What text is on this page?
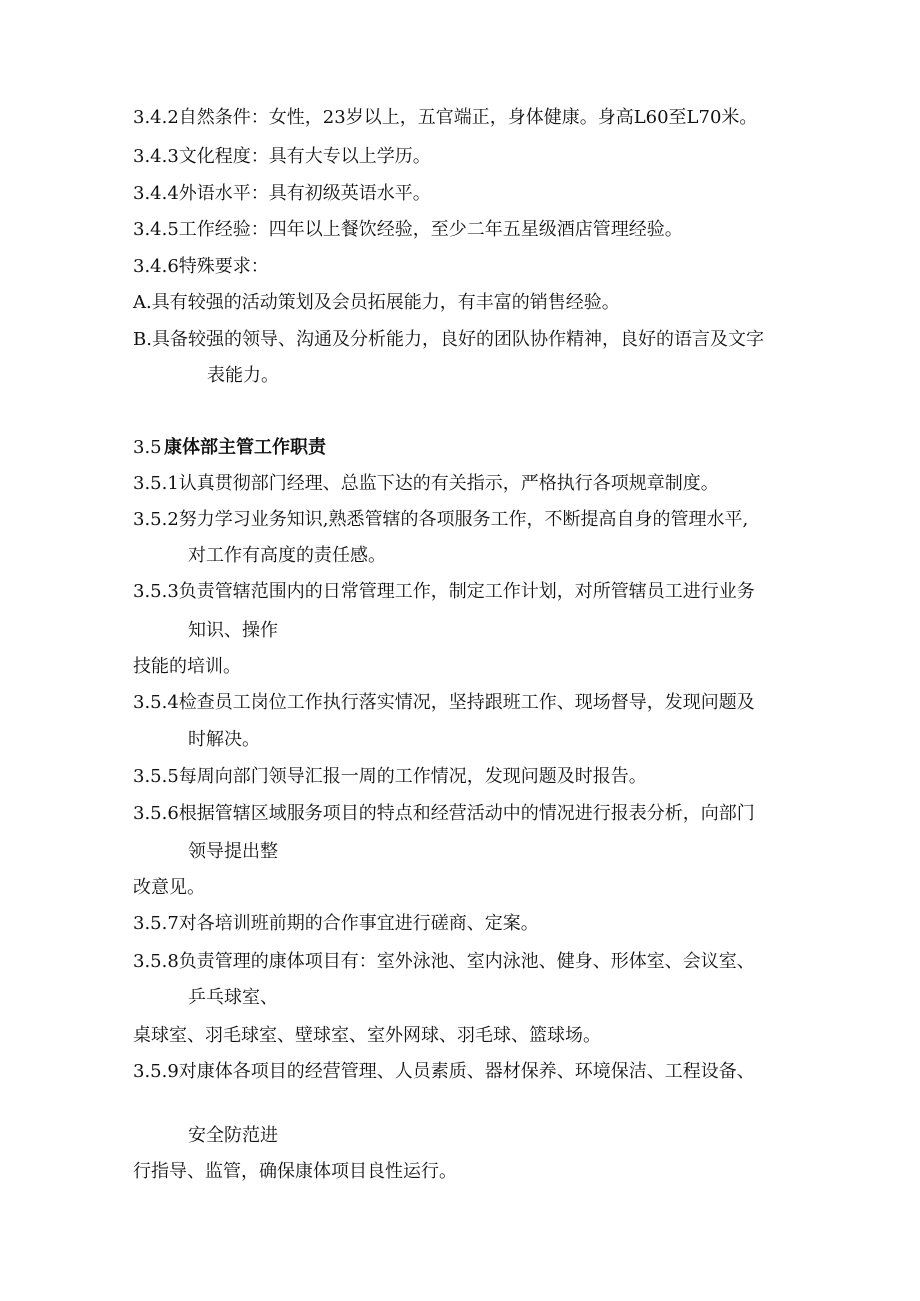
3.4.2自然条件：女性，23岁以上，五官端正，身体健康。身高L60至L70米。

3.4.3文化程度：具有大专以上学历。

3.4.4外语水平：具有初级英语水平。

3.4.5工作经验：四年以上餐饮经验，至少二年五星级酒店管理经验。

3.4.6特殊要求：

A.具有较强的活动策划及会员拓展能力，有丰富的销售经验。

B.具备较强的领导、沟通及分析能力，良好的团队协作精神，良好的语言及文字

表能力。

3.5 康体部主管工作职责

3.5.1认真贯彻部门经理、总监下达的有关指示，严格执行各项规章制度。

3.5.2努力学习业务知识,熟悉管辖的各项服务工作，不断提高自身的管理水平,

对工作有高度的责任感。

3.5.3负责管辖范围内的日常管理工作，制定工作计划，对所管辖员工进行业务

知识、操作

技能的培训。

3.5.4检查员工岗位工作执行落实情况，坚持跟班工作、现场督导，发现问题及

时解决。

3.5.5每周向部门领导汇报一周的工作情况，发现问题及时报告。

3.5.6根据管辖区域服务项目的特点和经营活动中的情况进行报表分析，向部门

领导提出整

改意见。

3.5.7对各培训班前期的合作事宜进行磋商、定案。

3.5.8负责管理的康体项目有：室外泳池、室内泳池、健身、形体室、会议室、

乒乓球室、

桌球室、羽毛球室、壁球室、室外网球、羽毛球、篮球场。

3.5.9对康体各项目的经营管理、人员素质、器材保养、环境保洁、工程设备、

安全防范进

行指导、监管，确保康体项目良性运行。
